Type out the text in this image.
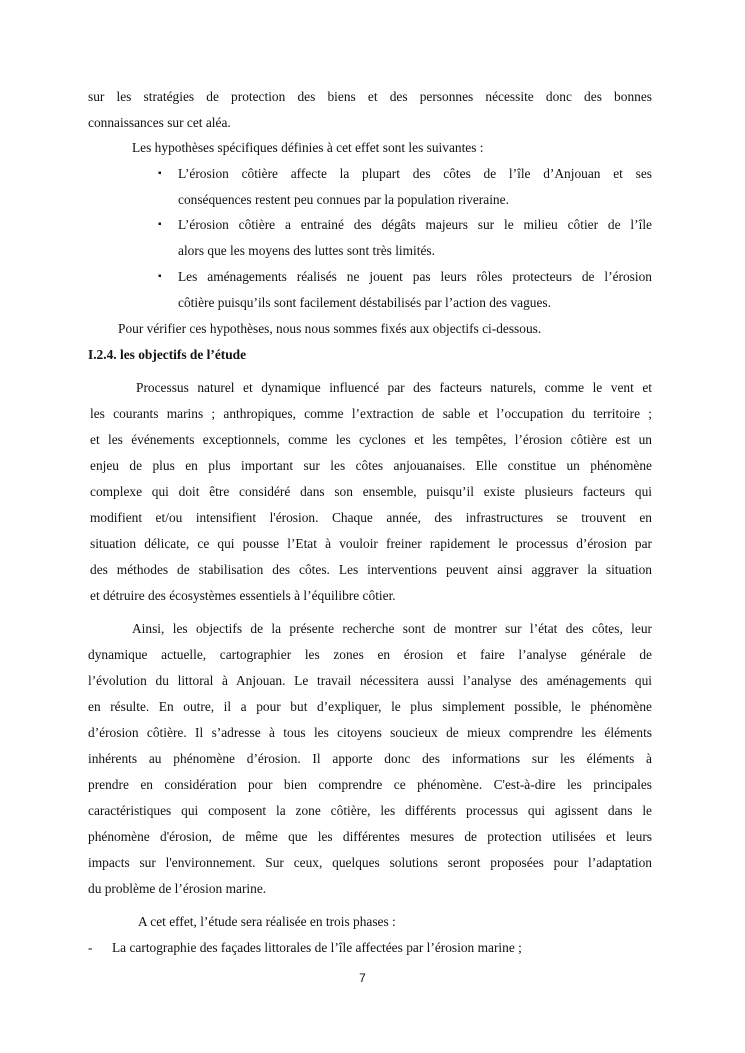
sur les stratégies de protection des biens et des personnes nécessite donc des bonnes
connaissances sur cet aléa.
Les hypothèses spécifiques définies à cet effet sont les suivantes :
▪ L’érosion côtière affecte la plupart des côtes de l’île d’Anjouan et ses
conséquences restent peu connues par la population riveraine.
▪ L’érosion côtière a entrainé des dégâts majeurs sur le milieu côtier de l’île
alors que les moyens des luttes sont très limités.
▪ Les aménagements réalisés ne jouent pas leurs rôles protecteurs de l’érosion
côtière puisqu’ils sont facilement déstabilisés par l’action des vagues.
Pour vérifier ces hypothèses, nous nous sommes fixés aux objectifs ci-dessous.
I.2.4. les objectifs de l’étude
Processus naturel et dynamique influencé par des facteurs naturels, comme le vent et
les courants marins ; anthropiques, comme l’extraction de sable et l’occupation du territoire ;
et les événements exceptionnels, comme les cyclones et les tempêtes, l’érosion côtière est un
enjeu de plus en plus important sur les côtes anjouanaises. Elle constitue un phénomène
complexe qui doit être considéré dans son ensemble, puisqu’il existe plusieurs facteurs qui
modifient et/ou intensifient l'érosion. Chaque année, des infrastructures se trouvent en
situation délicate, ce qui pousse l’Etat à vouloir freiner rapidement le processus d’érosion par
des méthodes de stabilisation des côtes. Les interventions peuvent ainsi aggraver la situation
et détruire des écosystèmes essentiels à l’équilibre côtier.
Ainsi, les objectifs de la présente recherche sont de montrer sur l’état des côtes, leur
dynamique actuelle, cartographier les zones en érosion et faire l’analyse générale de
l’évolution du littoral à Anjouan. Le travail nécessitera aussi l’analyse des aménagements qui
en résulte. En outre, il a pour but d’expliquer, le plus simplement possible, le phénomène
d’érosion côtière. Il s’adresse à tous les citoyens soucieux de mieux comprendre les éléments
inhérents au phénomène d’érosion. Il apporte donc des informations sur les éléments à
prendre en considération pour bien comprendre ce phénomène. C'est-à-dire les principales
caractéristiques qui composent la zone côtière, les différents processus qui agissent dans le
phénomène d'érosion, de même que les différentes mesures de protection utilisées et leurs
impacts sur l'environnement. Sur ceux, quelques solutions seront proposées pour l’adaptation
du problème de l’érosion marine.
A cet effet, l’étude sera réalisée en trois phases :
- La cartographie des façades littorales de l’île affectées par l’érosion marine ;
7
